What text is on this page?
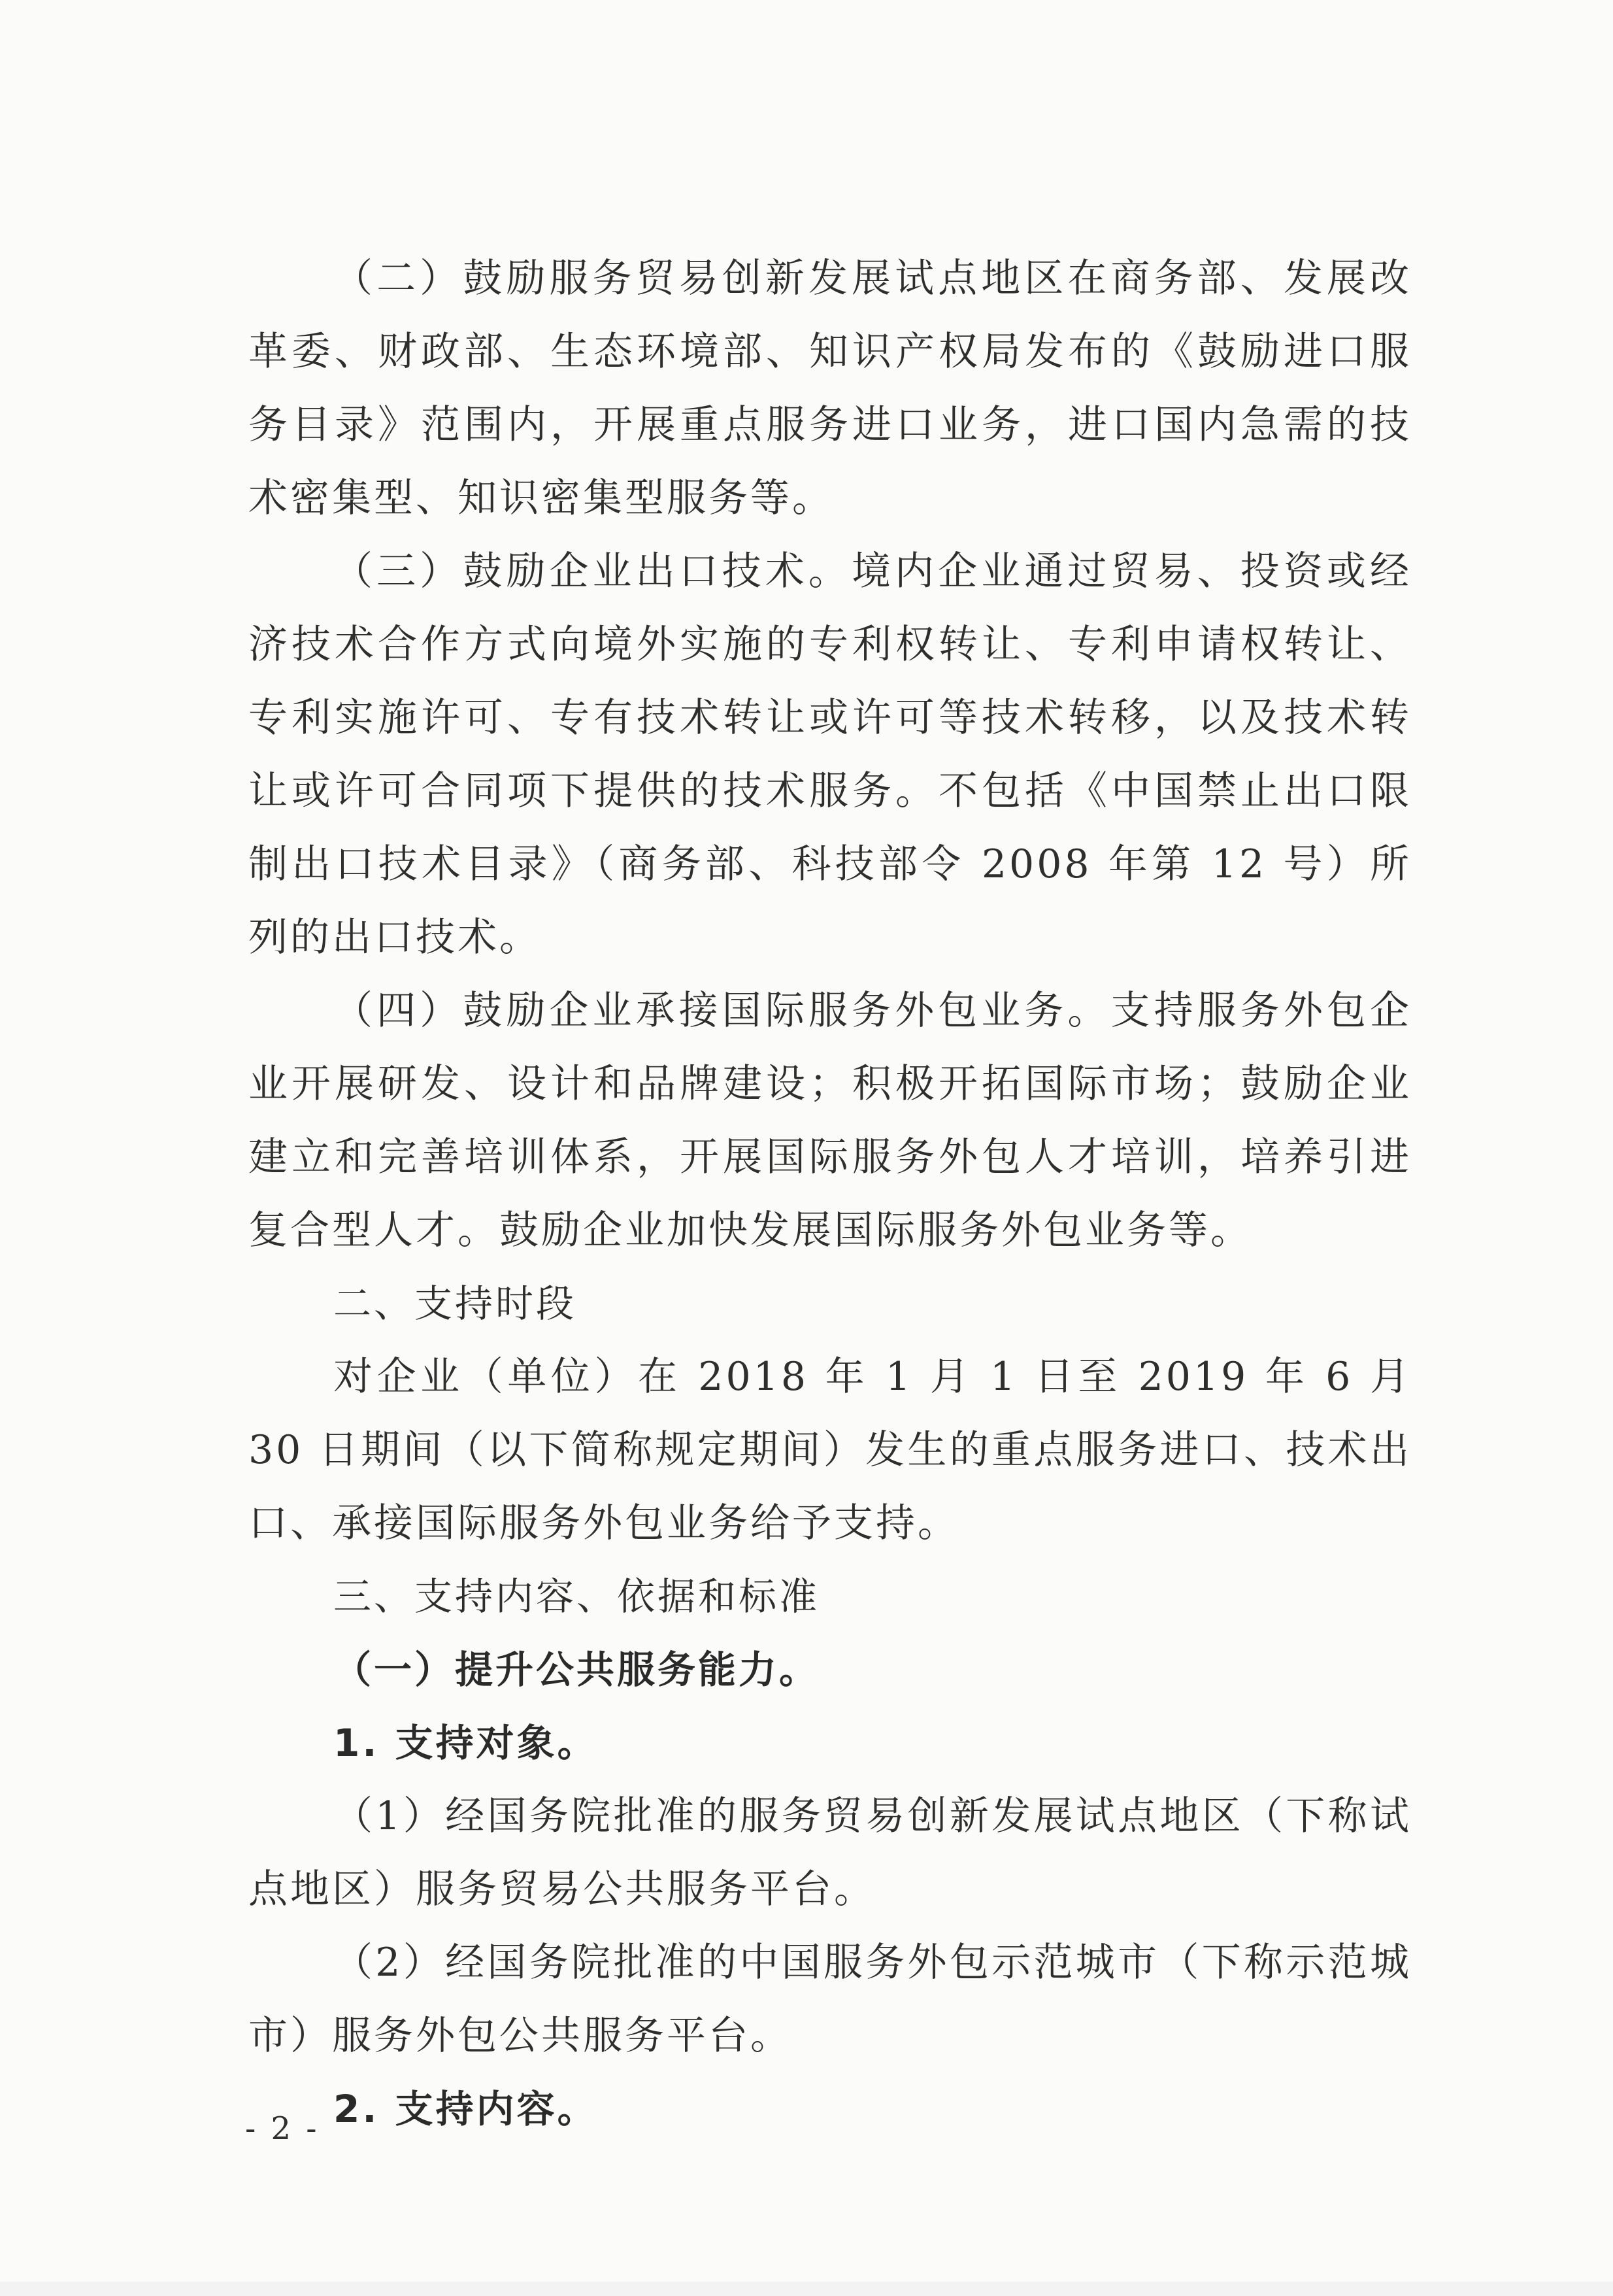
（二）鼓励服务贸易创新发展试点地区在商务部、发展改革委、财政部、生态环境部、知识产权局发布的《鼓励进口服务目录》范围内，开展重点服务进口业务，进口国内急需的技术密集型、知识密集型服务等。

（三）鼓励企业出口技术。境内企业通过贸易、投资或经济技术合作方式向境外实施的专利权转让、专利申请权转让、专利实施许可、专有技术转让或许可等技术转移，以及技术转让或许可合同项下提供的技术服务。不包括《中国禁止出口限制出口技术目录》（商务部、科技部令 2008 年第 12 号）所列的出口技术。

（四）鼓励企业承接国际服务外包业务。支持服务外包企业开展研发、设计和品牌建设；积极开拓国际市场；鼓励企业建立和完善培训体系，开展国际服务外包人才培训，培养引进复合型人才。鼓励企业加快发展国际服务外包业务等。

二、支持时段

对企业（单位）在 2018 年 1 月 1 日至 2019 年 6 月 30 日期间（以下简称规定期间）发生的重点服务进口、技术出口、承接国际服务外包业务给予支持。

三、支持内容、依据和标准

（一）提升公共服务能力。

1. 支持对象。

（1）经国务院批准的服务贸易创新发展试点地区（下称试点地区）服务贸易公共服务平台。

（2）经国务院批准的中国服务外包示范城市（下称示范城市）服务外包公共服务平台。

2. 支持内容。

- 2 -
